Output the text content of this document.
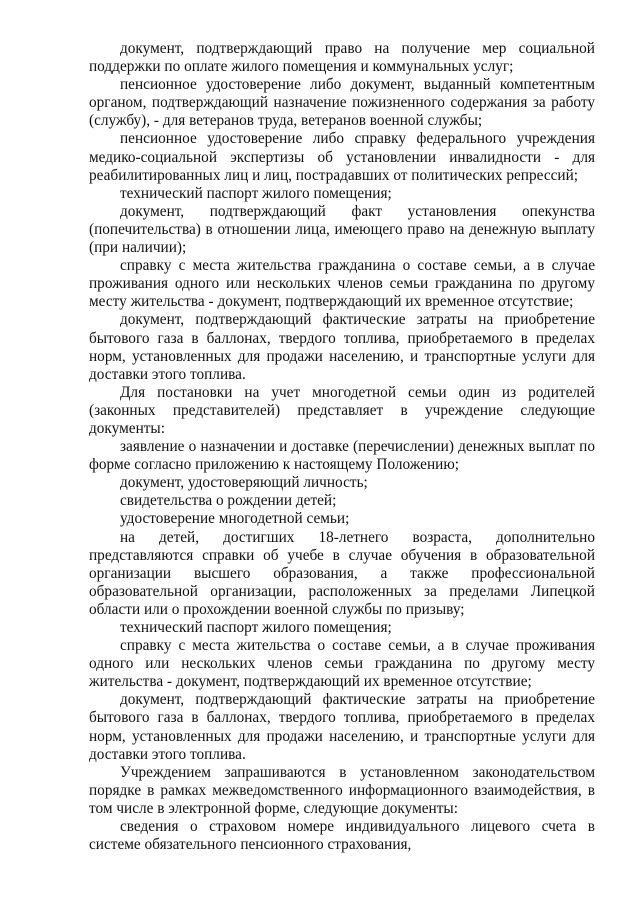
документ, подтверждающий право на получение мер социальной поддержки по оплате жилого помещения и коммунальных услуг;

пенсионное удостоверение либо документ, выданный компетентным органом, подтверждающий назначение пожизненного содержания за работу (службу), - для ветеранов труда, ветеранов военной службы;

пенсионное удостоверение либо справку федерального учреждения медико-социальной экспертизы об установлении инвалидности - для реабилитированных лиц и лиц, пострадавших от политических репрессий;

технический паспорт жилого помещения;

документ, подтверждающий факт установления опекунства (попечительства) в отношении лица, имеющего право на денежную выплату (при наличии);

справку с места жительства гражданина о составе семьи, а в случае проживания одного или нескольких членов семьи гражданина по другому месту жительства - документ, подтверждающий их временное отсутствие;

документ, подтверждающий фактические затраты на приобретение бытового газа в баллонах, твердого топлива, приобретаемого в пределах норм, установленных для продажи населению, и транспортные услуги для доставки этого топлива.

Для постановки на учет многодетной семьи один из родителей (законных представителей) представляет в учреждение следующие документы:

заявление о назначении и доставке (перечислении) денежных выплат по форме согласно приложению к настоящему Положению;

документ, удостоверяющий личность;

свидетельства о рождении детей;

удостоверение многодетной семьи;

на детей, достигших 18-летнего возраста, дополнительно представляются справки об учебе в случае обучения в образовательной организации высшего образования, а также профессиональной образовательной организации, расположенных за пределами Липецкой области или о прохождении военной службы по призыву;

технический паспорт жилого помещения;

справку с места жительства о составе семьи, а в случае проживания одного или нескольких членов семьи гражданина по другому месту жительства - документ, подтверждающий их временное отсутствие;

документ, подтверждающий фактические затраты на приобретение бытового газа в баллонах, твердого топлива, приобретаемого в пределах норм, установленных для продажи населению, и транспортные услуги для доставки этого топлива.

Учреждением запрашиваются в установленном законодательством порядке в рамках межведомственного информационного взаимодействия, в том числе в электронной форме, следующие документы:

сведения о страховом номере индивидуального лицевого счета в системе обязательного пенсионного страхования,
